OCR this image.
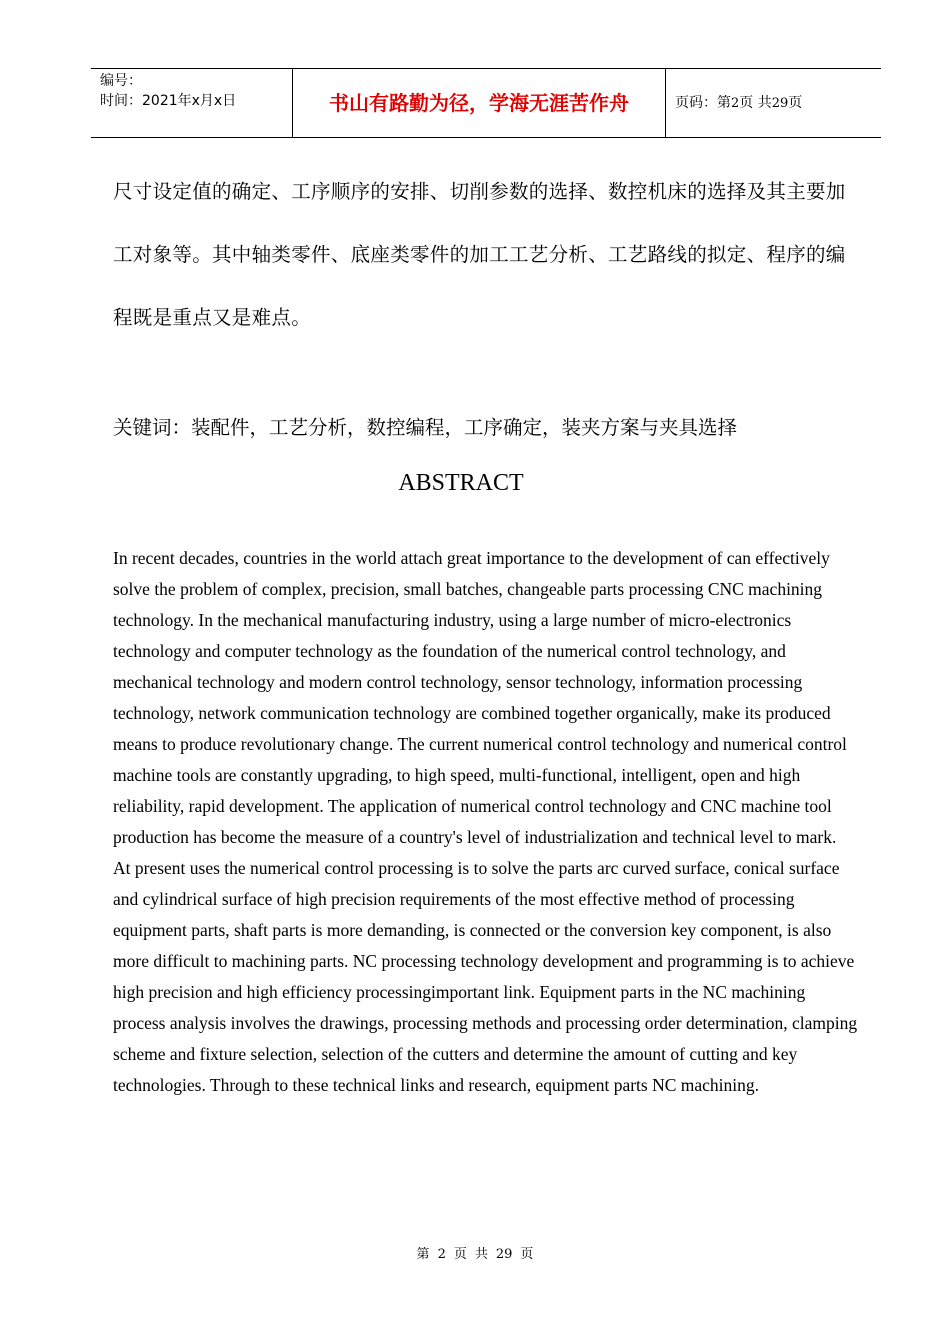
编号：
时间：2021年x月x日	书山有路勤为径，学海无涯苦作舟	页码：第2页 共29页
尺寸设定值的确定、工序顺序的安排、切削参数的选择、数控机床的选择及其主要加工对象等。其中轴类零件、底座类零件的加工工艺分析、工艺路线的拟定、程序的编程既是重点又是难点。
关键词：装配件，工艺分析，数控编程，工序确定，装夹方案与夹具选择
ABSTRACT

In recent decades, countries in the world attach great importance to the development of can effectively solve the problem of complex, precision, small batches, changeable parts processing CNC machining technology. In the mechanical manufacturing industry, using a large number of micro-electronics technology and computer technology as the foundation of the numerical control technology, and mechanical technology and modern control technology, sensor technology, information processing technology, network communication technology are combined together organically, make its produced means to produce revolutionary change. The current numerical control technology and numerical control machine tools are constantly upgrading, to high speed, multi-functional, intelligent, open and high reliability, rapid development. The application of numerical control technology and CNC machine tool production has become the measure of a country's level of industrialization and technical level to mark.

At present uses the numerical control processing is to solve the parts arc curved surface, conical surface and cylindrical surface of high precision requirements of the most effective method of processing equipment parts, shaft parts is more demanding, is connected or the conversion key component, is also more difficult to machining parts. NC processing technology development and programming is to achieve high precision and high efficiency processingimportant link. Equipment parts in the NC machining process analysis involves the drawings, processing methods and processing order determination, clamping scheme and fixture selection, selection of the cutters and determine the amount of cutting and key technologies. Through to these technical links and research, equipment parts NC machining.

第 2 页 共 29 页
